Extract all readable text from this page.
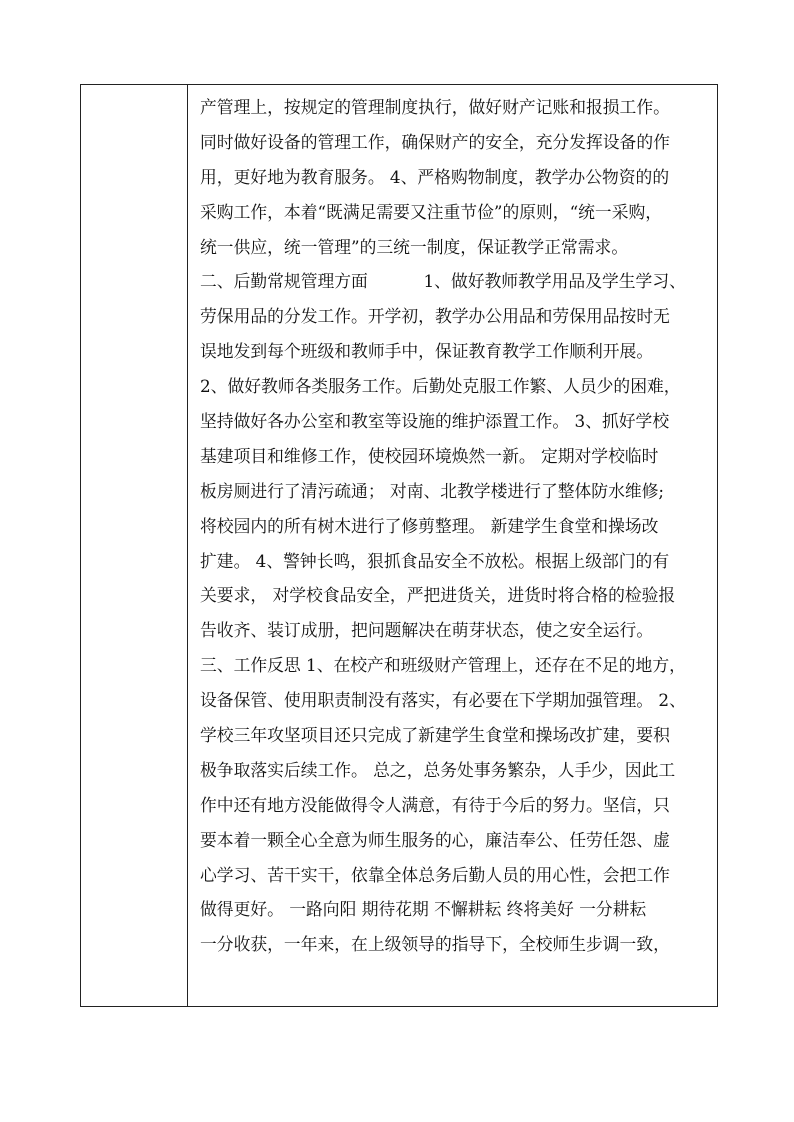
产管理上，按规定的管理制度执行，做好财产记账和报损工作。
同时做好设备的管理工作，确保财产的安全，充分发挥设备的作
用，更好地为教育服务。 4、严格购物制度，教学办公物资的的
采购工作，本着“既满足需要又注重节俭”的原则，“统一采购，
统一供应，统一管理”的三统一制度，保证教学正常需求。
二、后勤常规管理方面　　　 1、做好教师教学用品及学生学习、
劳保用品的分发工作。开学初，教学办公用品和劳保用品按时无
误地发到每个班级和教师手中，保证教育教学工作顺利开展。
2、做好教师各类服务工作。后勤处克服工作繁、人员少的困难，
坚持做好各办公室和教室等设施的维护添置工作。 3、抓好学校
基建项目和维修工作，使校园环境焕然一新。 定期对学校临时
板房厕进行了清污疏通； 对南、北教学楼进行了整体防水维修;
将校园内的所有树木进行了修剪整理。 新建学生食堂和操场改
扩建。 4、警钟长鸣，狠抓食品安全不放松。根据上级部门的有
关要求， 对学校食品安全，严把进货关，进货时将合格的检验报
告收齐、装订成册，把问题解决在萌芽状态，使之安全运行。
三、工作反思 1、在校产和班级财产管理上，还存在不足的地方，
设备保管、使用职责制没有落实，有必要在下学期加强管理。 2、
学校三年攻坚项目还只完成了新建学生食堂和操场改扩建，要积
极争取落实后续工作。 总之，总务处事务繁杂，人手少，因此工
作中还有地方没能做得令人满意，有待于今后的努力。坚信，只
要本着一颗全心全意为师生服务的心，廉洁奉公、任劳任怨、虚
心学习、苦干实干，依靠全体总务后勤人员的用心性，会把工作
做得更好。 一路向阳 期待花期 不懈耕耘 终将美好 一分耕耘
一分收获，一年来，在上级领导的指导下，全校师生步调一致，
